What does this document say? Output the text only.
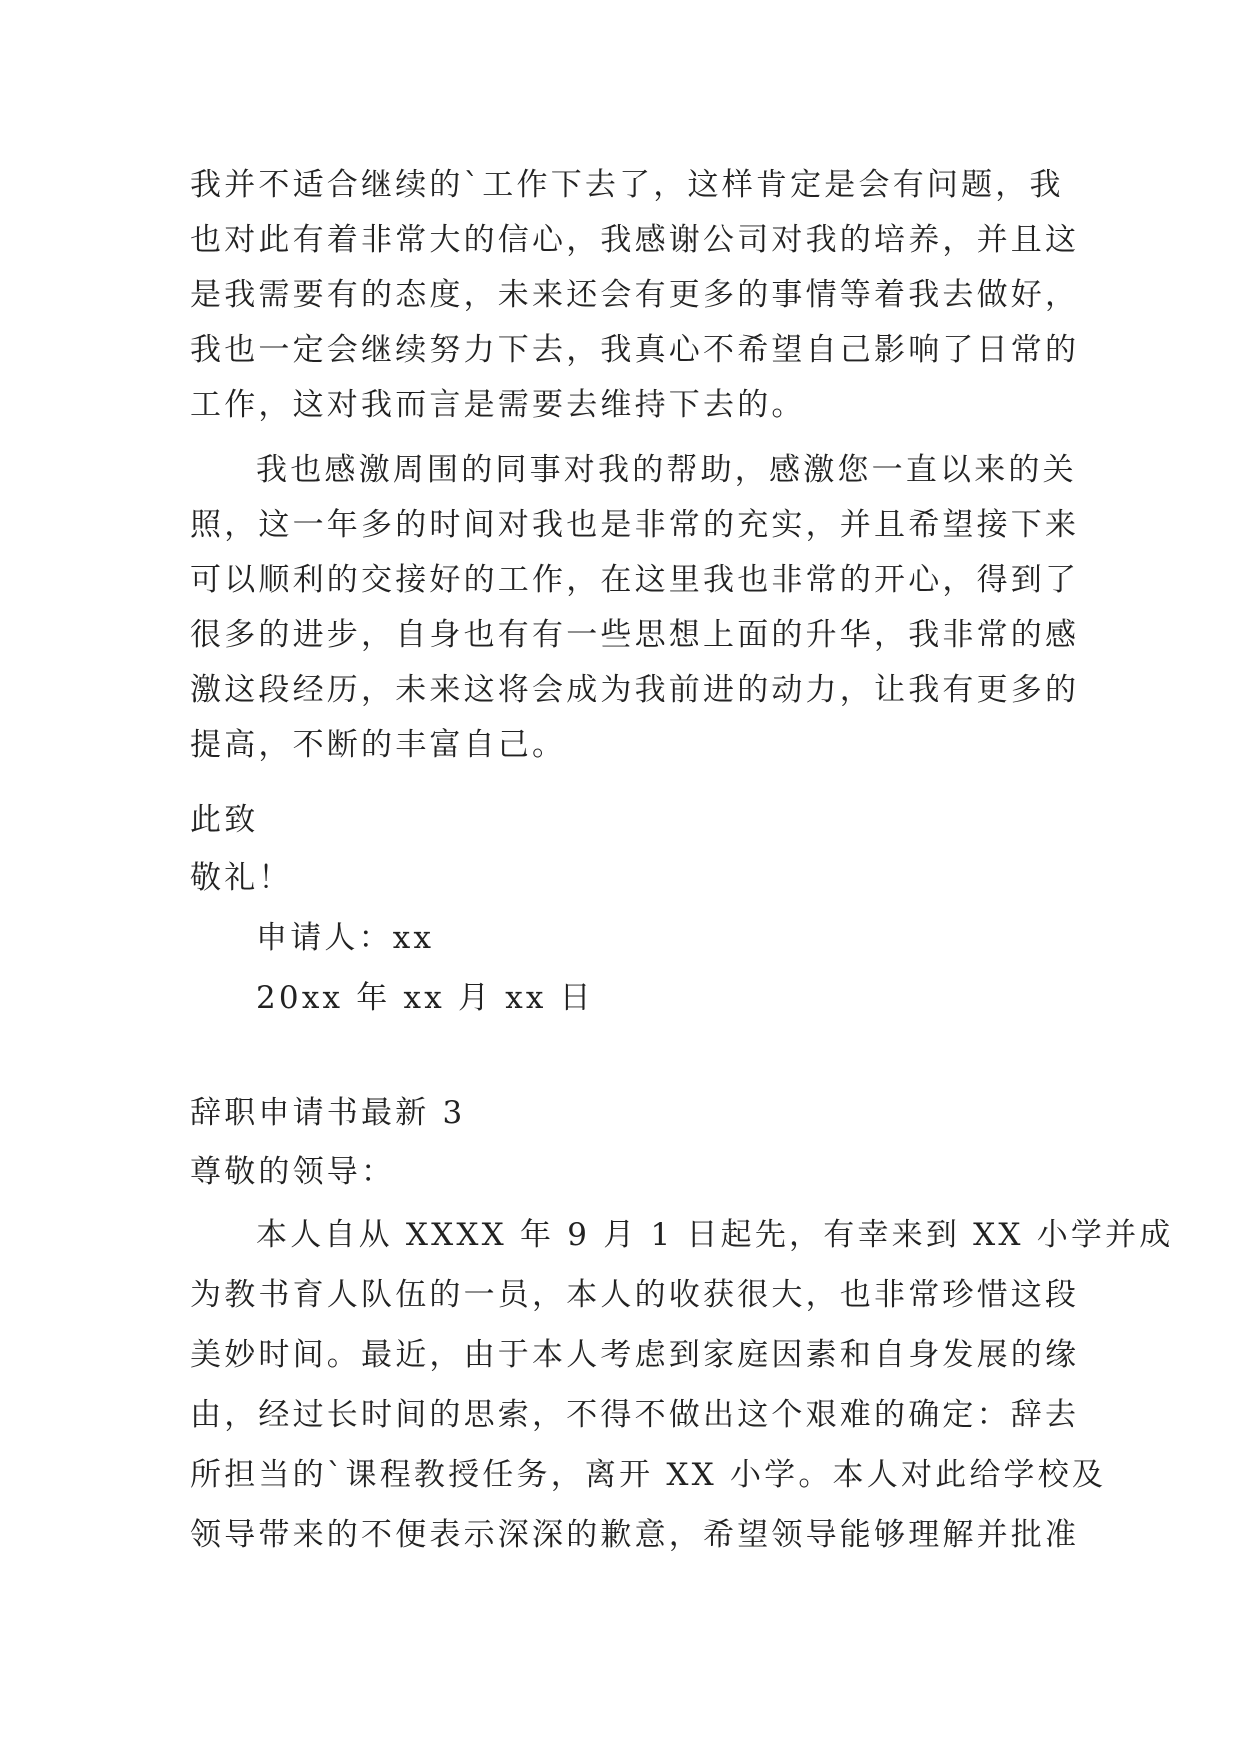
我并不适合继续的`工作下去了，这样肯定是会有问题，我
也对此有着非常大的信心，我感谢公司对我的培养，并且这
是我需要有的态度，未来还会有更多的事情等着我去做好，
我也一定会继续努力下去，我真心不希望自己影响了日常的
工作，这对我而言是需要去维持下去的。
我也感激周围的同事对我的帮助，感激您一直以来的关
照，这一年多的时间对我也是非常的充实，并且希望接下来
可以顺利的交接好的工作，在这里我也非常的开心，得到了
很多的进步，自身也有有一些思想上面的升华，我非常的感
激这段经历，未来这将会成为我前进的动力，让我有更多的
提高，不断的丰富自己。
此致
敬礼！
申请人：xx
20xx 年 xx 月 xx 日
辞职申请书最新 3
尊敬的领导：
本人自从 XXXX 年 9 月 1 日起先，有幸来到 XX 小学并成
为教书育人队伍的一员，本人的收获很大，也非常珍惜这段
美妙时间。最近，由于本人考虑到家庭因素和自身发展的缘
由，经过长时间的思索，不得不做出这个艰难的确定：辞去
所担当的`课程教授任务，离开 XX 小学。本人对此给学校及
领导带来的不便表示深深的歉意，希望领导能够理解并批准
